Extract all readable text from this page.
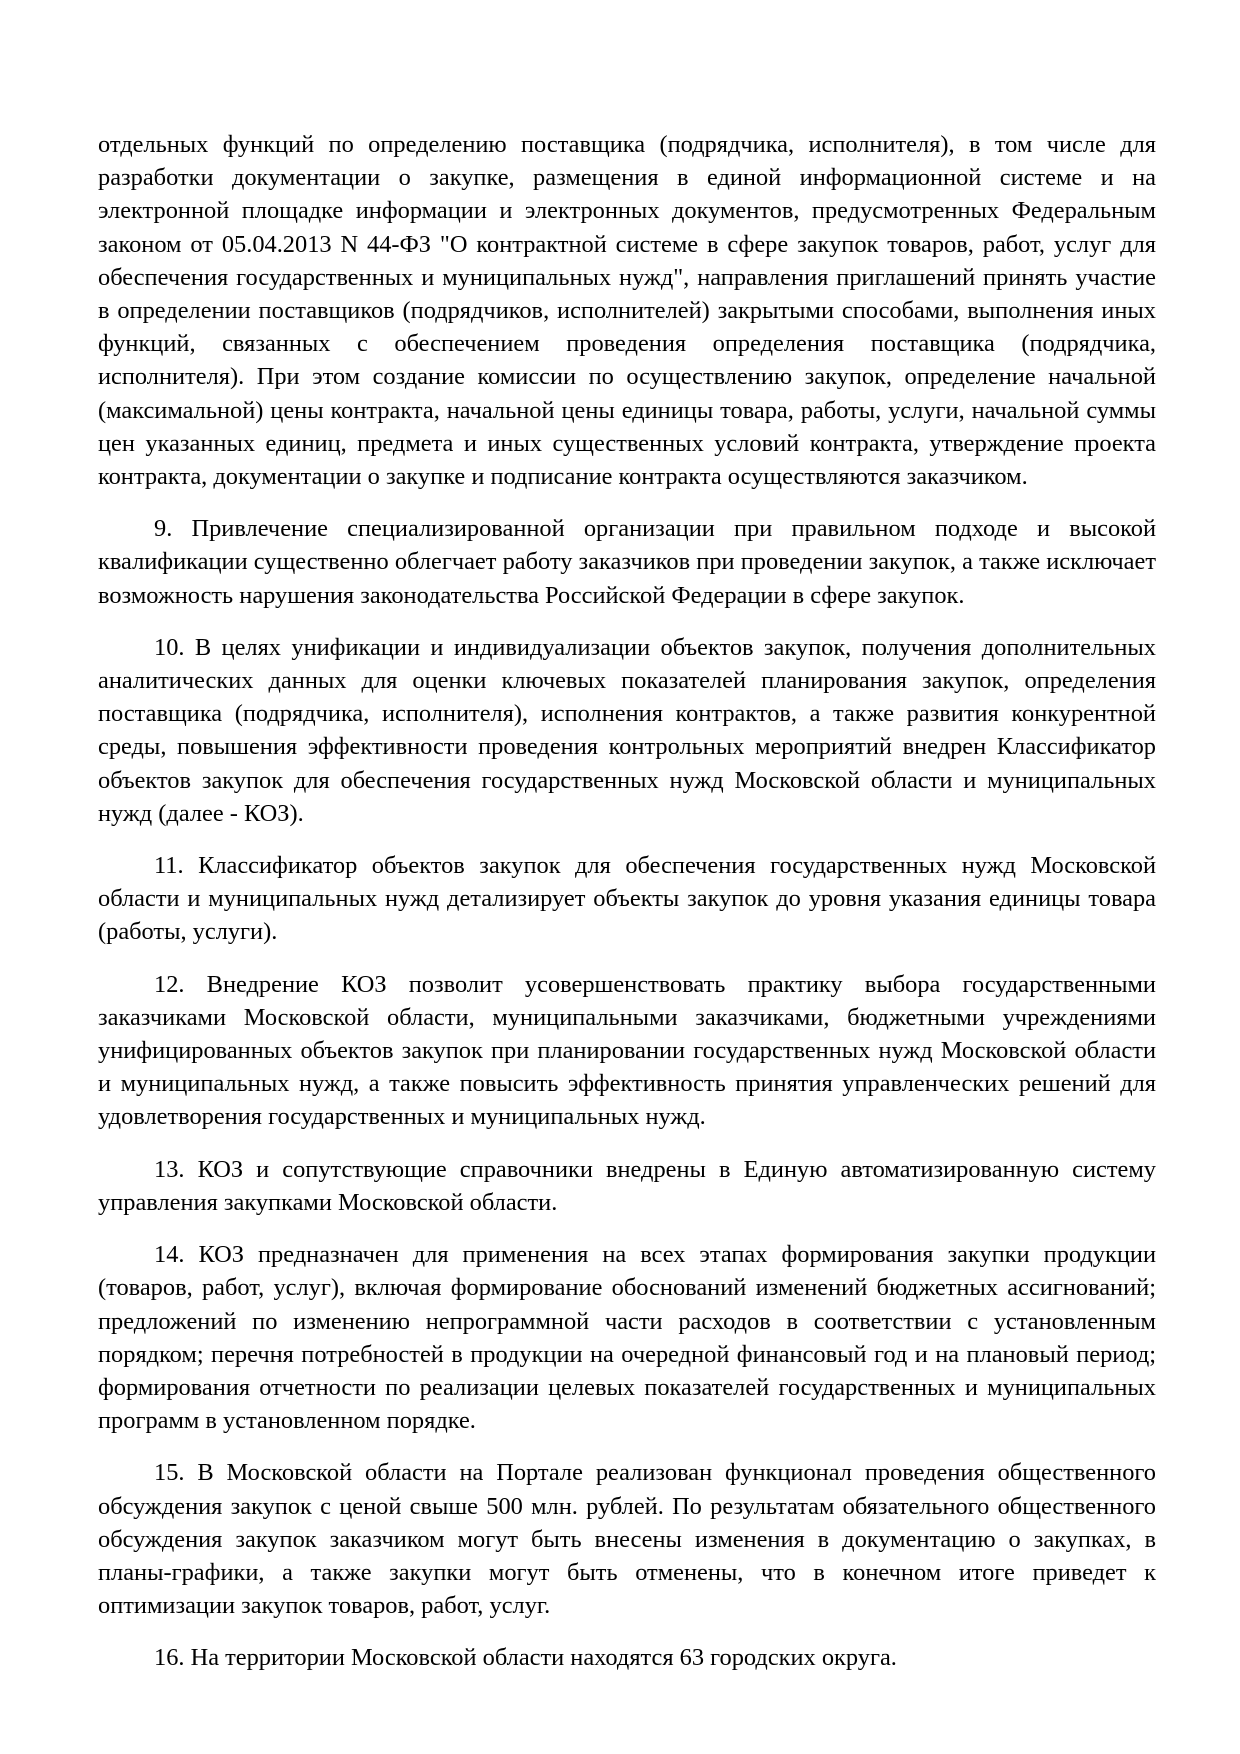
отдельных функций по определению поставщика (подрядчика, исполнителя), в том числе для разработки документации о закупке, размещения в единой информационной системе и на электронной площадке информации и электронных документов, предусмотренных Федеральным законом от 05.04.2013 N 44-ФЗ "О контрактной системе в сфере закупок товаров, работ, услуг для обеспечения государственных и муниципальных нужд", направления приглашений принять участие в определении поставщиков (подрядчиков, исполнителей) закрытыми способами, выполнения иных функций, связанных с обеспечением проведения определения поставщика (подрядчика, исполнителя). При этом создание комиссии по осуществлению закупок, определение начальной (максимальной) цены контракта, начальной цены единицы товара, работы, услуги, начальной суммы цен указанных единиц, предмета и иных существенных условий контракта, утверждение проекта контракта, документации о закупке и подписание контракта осуществляются заказчиком.

9. Привлечение специализированной организации при правильном подходе и высокой квалификации существенно облегчает работу заказчиков при проведении закупок, а также исключает возможность нарушения законодательства Российской Федерации в сфере закупок.

10. В целях унификации и индивидуализации объектов закупок, получения дополнительных аналитических данных для оценки ключевых показателей планирования закупок, определения поставщика (подрядчика, исполнителя), исполнения контрактов, а также развития конкурентной среды, повышения эффективности проведения контрольных мероприятий внедрен Классификатор объектов закупок для обеспечения государственных нужд Московской области и муниципальных нужд (далее - КОЗ).

11. Классификатор объектов закупок для обеспечения государственных нужд Московской области и муниципальных нужд детализирует объекты закупок до уровня указания единицы товара (работы, услуги).

12. Внедрение КОЗ позволит усовершенствовать практику выбора государственными заказчиками Московской области, муниципальными заказчиками, бюджетными учреждениями унифицированных объектов закупок при планировании государственных нужд Московской области и муниципальных нужд, а также повысить эффективность принятия управленческих решений для удовлетворения государственных и муниципальных нужд.

13. КОЗ и сопутствующие справочники внедрены в Единую автоматизированную систему управления закупками Московской области.

14. КОЗ предназначен для применения на всех этапах формирования закупки продукции (товаров, работ, услуг), включая формирование обоснований изменений бюджетных ассигнований; предложений по изменению непрограммной части расходов в соответствии с установленным порядком; перечня потребностей в продукции на очередной финансовый год и на плановый период; формирования отчетности по реализации целевых показателей государственных и муниципальных программ в установленном порядке.

15. В Московской области на Портале реализован функционал проведения общественного обсуждения закупок с ценой свыше 500 млн. рублей. По результатам обязательного общественного обсуждения закупок заказчиком могут быть внесены изменения в документацию о закупках, в планы-графики, а также закупки могут быть отменены, что в конечном итоге приведет к оптимизации закупок товаров, работ, услуг.

16. На территории Московской области находятся 63 городских округа.
